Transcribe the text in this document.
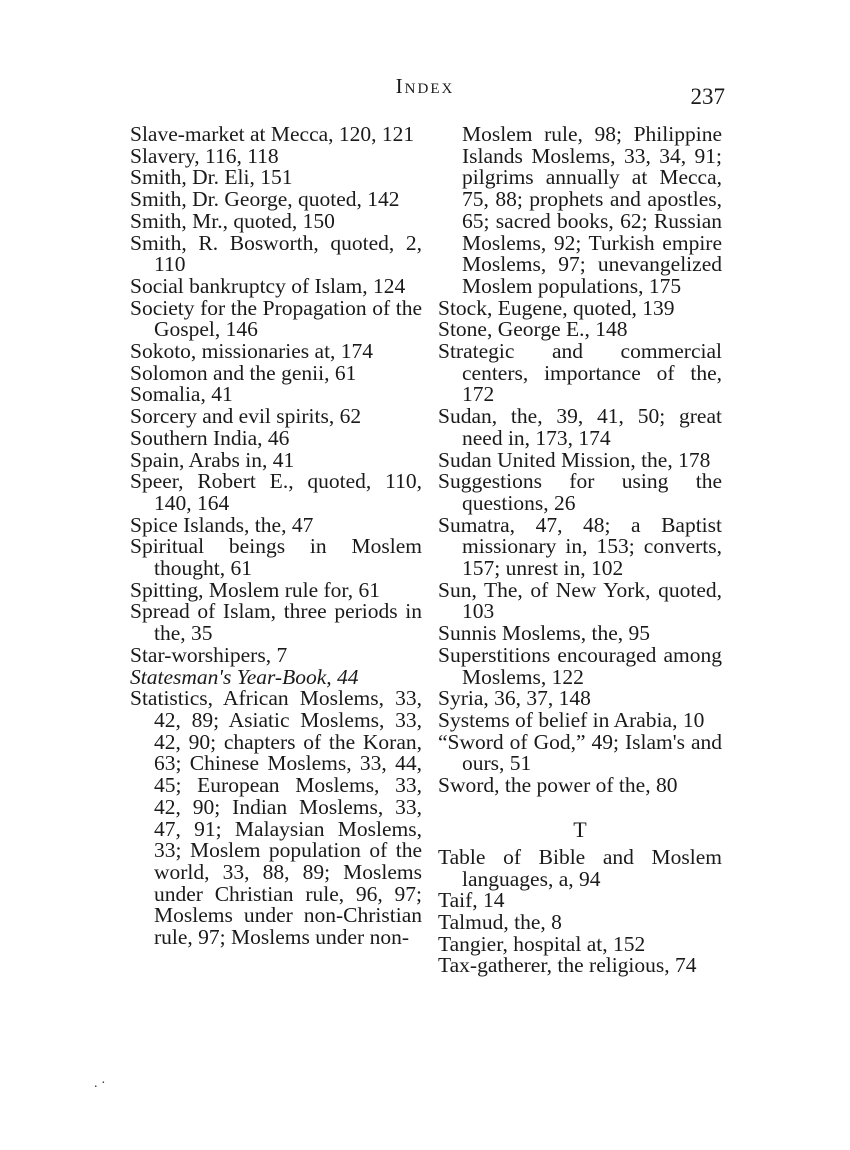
Index	237

Slave-market at Mecca, 120, 121

Slavery, 116, 118

Smith, Dr. Eli, 151

Smith, Dr. George, quoted, 142

Smith, Mr., quoted, 150

Smith, R. Bosworth, quoted, 2, 110

Social bankruptcy of Islam, 124

Society for the Propagation of the Gospel, 146

Sokoto, missionaries at, 174

Solomon and the genii, 61

Somalia, 41

Sorcery and evil spirits, 62

Southern India, 46

Spain, Arabs in, 41

Speer, Robert E., quoted, 110, 140, 164

Spice Islands, the, 47

Spiritual beings in Moslem thought, 61

Spitting, Moslem rule for, 61

Spread of Islam, three periods in the, 35

Star-worshipers, 7

Statesman's Year-Book, 44

Statistics, African Moslems, 33, 42, 89; Asiatic Moslems, 33, 42, 90; chapters of the Koran, 63; Chinese Moslems, 33, 44, 45; European Moslems, 33, 42, 90; Indian Moslems, 33, 47, 91; Malaysian Moslems, 33; Moslem population of the world, 33, 88, 89; Moslems under Christian rule, 96, 97; Moslems under non-Christian rule, 97; Moslems under non-

Moslem rule, 98; Philippine Islands Moslems, 33, 34, 91; pilgrims annually at Mecca, 75, 88; prophets and apostles, 65; sacred books, 62; Russian Moslems, 92; Turkish empire Moslems, 97; unevangelized Moslem populations, 175

Stock, Eugene, quoted, 139

Stone, George E., 148

Strategic and commercial centers, importance of the, 172

Sudan, the, 39, 41, 50; great need in, 173, 174

Sudan United Mission, the, 178

Suggestions for using the questions, 26

Sumatra, 47, 48; a Baptist missionary in, 153; converts, 157; unrest in, 102

Sun, The, of New York, quoted, 103

Sunnis Moslems, the, 95

Superstitions encouraged among Moslems, 122

Syria, 36, 37, 148

Systems of belief in Arabia, 10

“Sword of God,” 49; Islam's and ours, 51

Sword, the power of the, 80

T

Table of Bible and Moslem languages, a, 94

Taif, 14

Talmud, the, 8

Tangier, hospital at, 152

Tax-gatherer, the religious, 74

. ·
